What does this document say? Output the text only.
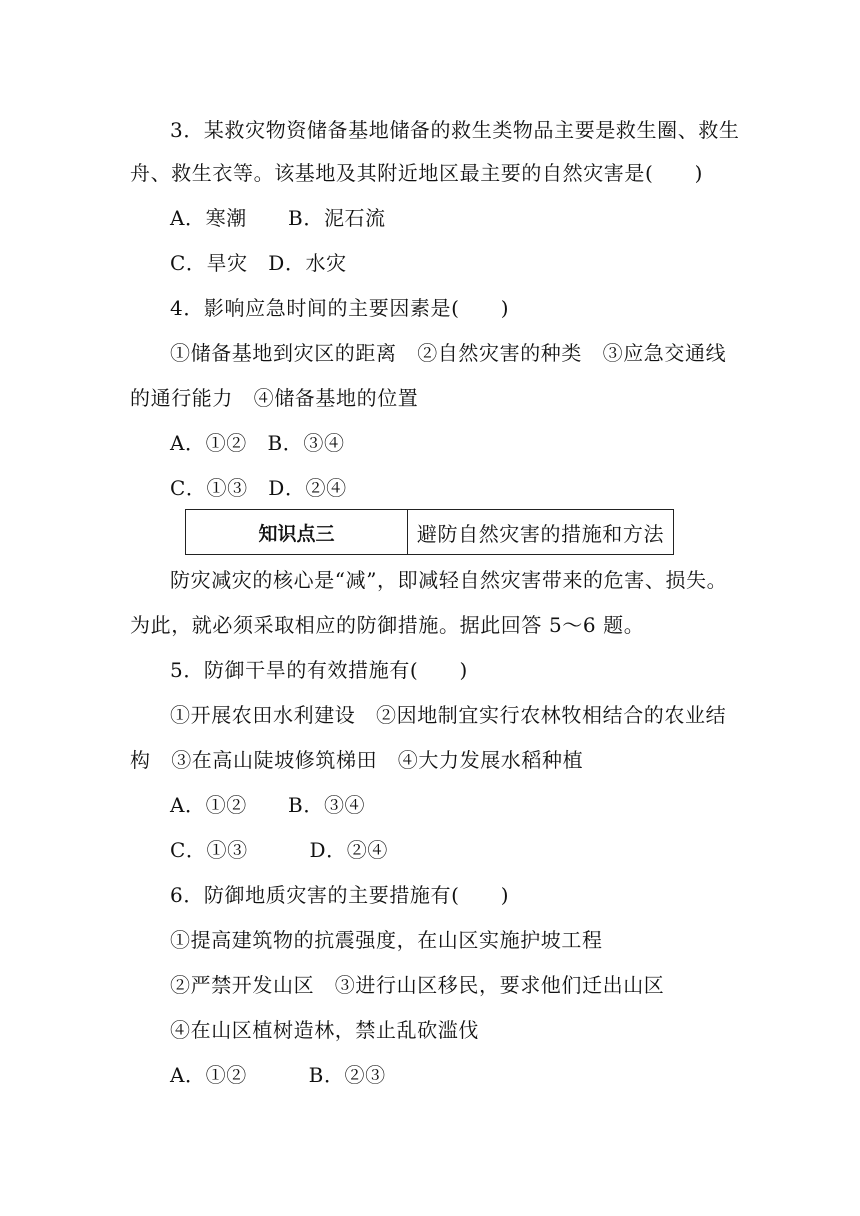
3．某救灾物资储备基地储备的救生类物品主要是救生圈、救生
舟、救生衣等。该基地及其附近地区最主要的自然灾害是(　　)
A．寒潮　　B．泥石流
C．旱灾　D．水灾
4．影响应急时间的主要因素是(　　)
①储备基地到灾区的距离　②自然灾害的种类　③应急交通线
的通行能力　④储备基地的位置
A．①②　B．③④
C．①③　D．②④
知识点三	避防自然灾害的措施和方法
防灾减灾的核心是“减”，即减轻自然灾害带来的危害、损失。
为此，就必须采取相应的防御措施。据此回答 5～6 题。
5．防御干旱的有效措施有(　　)
①开展农田水利建设　②因地制宜实行农林牧相结合的农业结
构　③在高山陡坡修筑梯田　④大力发展水稻种植
A．①②　　B．③④
C．①③　　　D．②④
6．防御地质灾害的主要措施有(　　)
①提高建筑物的抗震强度，在山区实施护坡工程
②严禁开发山区　③进行山区移民，要求他们迁出山区
④在山区植树造林，禁止乱砍滥伐
A．①②　　　B．②③
